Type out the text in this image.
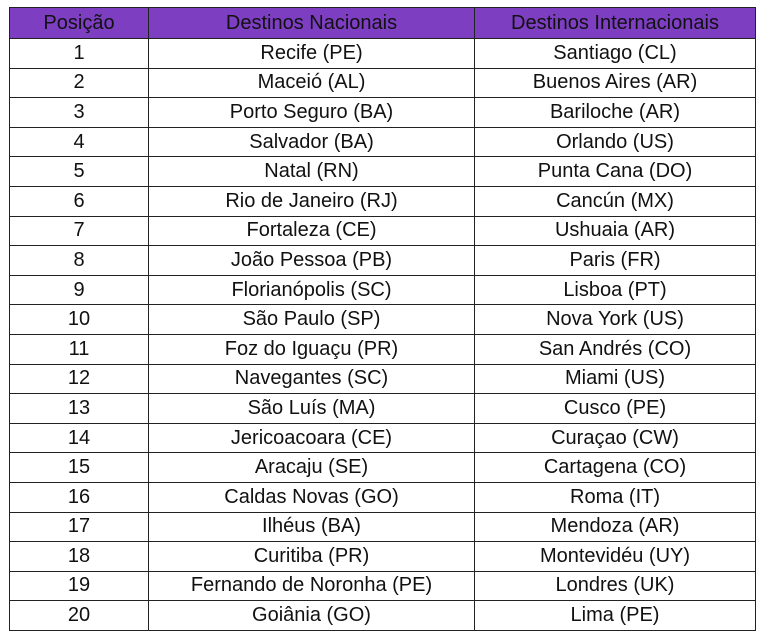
Posição	Destinos Nacionais	Destinos Internacionais
1	Recife (PE)	Santiago (CL)
2	Maceió (AL)	Buenos Aires (AR)
3	Porto Seguro (BA)	Bariloche (AR)
4	Salvador (BA)	Orlando (US)
5	Natal (RN)	Punta Cana (DO)
6	Rio de Janeiro (RJ)	Cancún (MX)
7	Fortaleza (CE)	Ushuaia (AR)
8	João Pessoa (PB)	Paris (FR)
9	Florianópolis (SC)	Lisboa (PT)
10	São Paulo (SP)	Nova York (US)
11	Foz do Iguaçu (PR)	San Andrés (CO)
12	Navegantes (SC)	Miami (US)
13	São Luís (MA)	Cusco (PE)
14	Jericoacoara (CE)	Curaçao (CW)
15	Aracaju (SE)	Cartagena (CO)
16	Caldas Novas (GO)	Roma (IT)
17	Ilhéus (BA)	Mendoza (AR)
18	Curitiba (PR)	Montevidéu (UY)
19	Fernando de Noronha (PE)	Londres (UK)
20	Goiânia (GO)	Lima (PE)
